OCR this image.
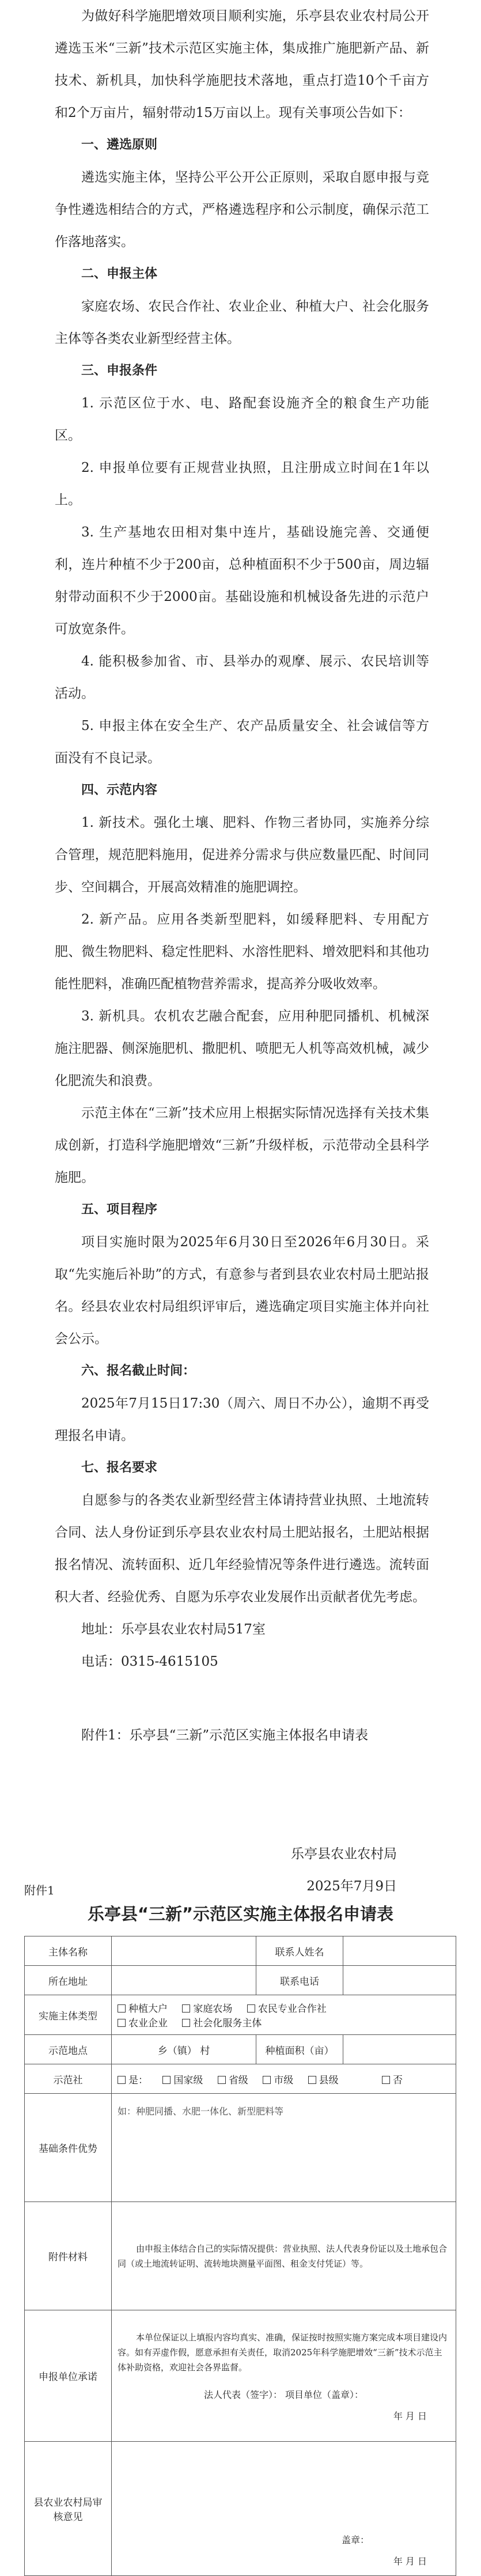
为做好科学施肥增效项目顺利实施，乐亭县农业农村局公开遴选玉米“三新”技术示范区实施主体，集成推广施肥新产品、新技术、新机具，加快科学施肥技术落地，重点打造10个千亩方和2个万亩片，辐射带动15万亩以上。现有关事项公告如下：

一、遴选原则

遴选实施主体，坚持公平公开公正原则，采取自愿申报与竞争性遴选相结合的方式，严格遴选程序和公示制度，确保示范工作落地落实。

二、申报主体

家庭农场、农民合作社、农业企业、种植大户、社会化服务主体等各类农业新型经营主体。

三、申报条件

1. 示范区位于水、电、路配套设施齐全的粮食生产功能区。

2. 申报单位要有正规营业执照，且注册成立时间在1年以上。

3. 生产基地农田相对集中连片，基础设施完善、交通便利，连片种植不少于200亩，总种植面积不少于500亩，周边辐射带动面积不少于2000亩。基础设施和机械设备先进的示范户可放宽条件。

4. 能积极参加省、市、县举办的观摩、展示、农民培训等活动。

5. 申报主体在安全生产、农产品质量安全、社会诚信等方面没有不良记录。

四、示范内容

1. 新技术。强化土壤、肥料、作物三者协同，实施养分综合管理，规范肥料施用，促进养分需求与供应数量匹配、时间同步、空间耦合，开展高效精准的施肥调控。

2. 新产品。应用各类新型肥料，如缓释肥料、专用配方肥、微生物肥料、稳定性肥料、水溶性肥料、增效肥料和其他功能性肥料，准确匹配植物营养需求，提高养分吸收效率。

3. 新机具。农机农艺融合配套，应用种肥同播机、机械深施注肥器、侧深施肥机、撒肥机、喷肥无人机等高效机械，减少化肥流失和浪费。

示范主体在“三新”技术应用上根据实际情况选择有关技术集成创新，打造科学施肥增效“三新”升级样板，示范带动全县科学施肥。

五、项目程序

项目实施时限为2025年6月30日至2026年6月30日。采取“先实施后补助”的方式，有意参与者到县农业农村局土肥站报名。经县农业农村局组织评审后，遴选确定项目实施主体并向社会公示。

六、报名截止时间：

2025年7月15日17:30（周六、周日不办公），逾期不再受理报名申请。

七、报名要求

自愿参与的各类农业新型经营主体请持营业执照、土地流转合同、法人身份证到乐亭县农业农村局土肥站报名，土肥站根据报名情况、流转面积、近几年经验情况等条件进行遴选。流转面积大者、经验优秀、自愿为乐亭农业发展作出贡献者优先考虑。

地址：乐亭县农业农村局517室

电话：0315-4615105

附件1：乐亭县“三新”示范区实施主体报名申请表

乐亭县农业农村局

2025年7月9日

附件1
乐亭县“三新”示范区实施主体报名申请表
主体名称		联系人姓名	
所在地址		联系电话	
实施主体类型	种植大户 家庭农场 农民专业合作社
农业企业 社会化服务主体		

示范地点	乡（镇） 村	种植面积（亩）	
示范社	是： 国家级 省级 市级 县级 否		
基础条件优势	如：种肥同播、水肥一体化、新型肥料等		
附件材料	由申报主体结合自己的实际情况提供：营业执照、法人代表身份证以及土地承包合同（或土地流转证明、流转地块测量平面图、租金支付凭证）等。		

申报单位承诺	本单位保证以上填报内容均真实、准确，保证按时按照实施方案完成本项目建设内容。如有弄虚作假，愿意承担有关责任，取消2025年科学施肥增效“三新”技术示范主体补助资格，欢迎社会各界监督。
法人代表（签字）： 项目单位（盖章）：
年 月 日		

县农业农村局审核意见	盖章：
年 月 日		
